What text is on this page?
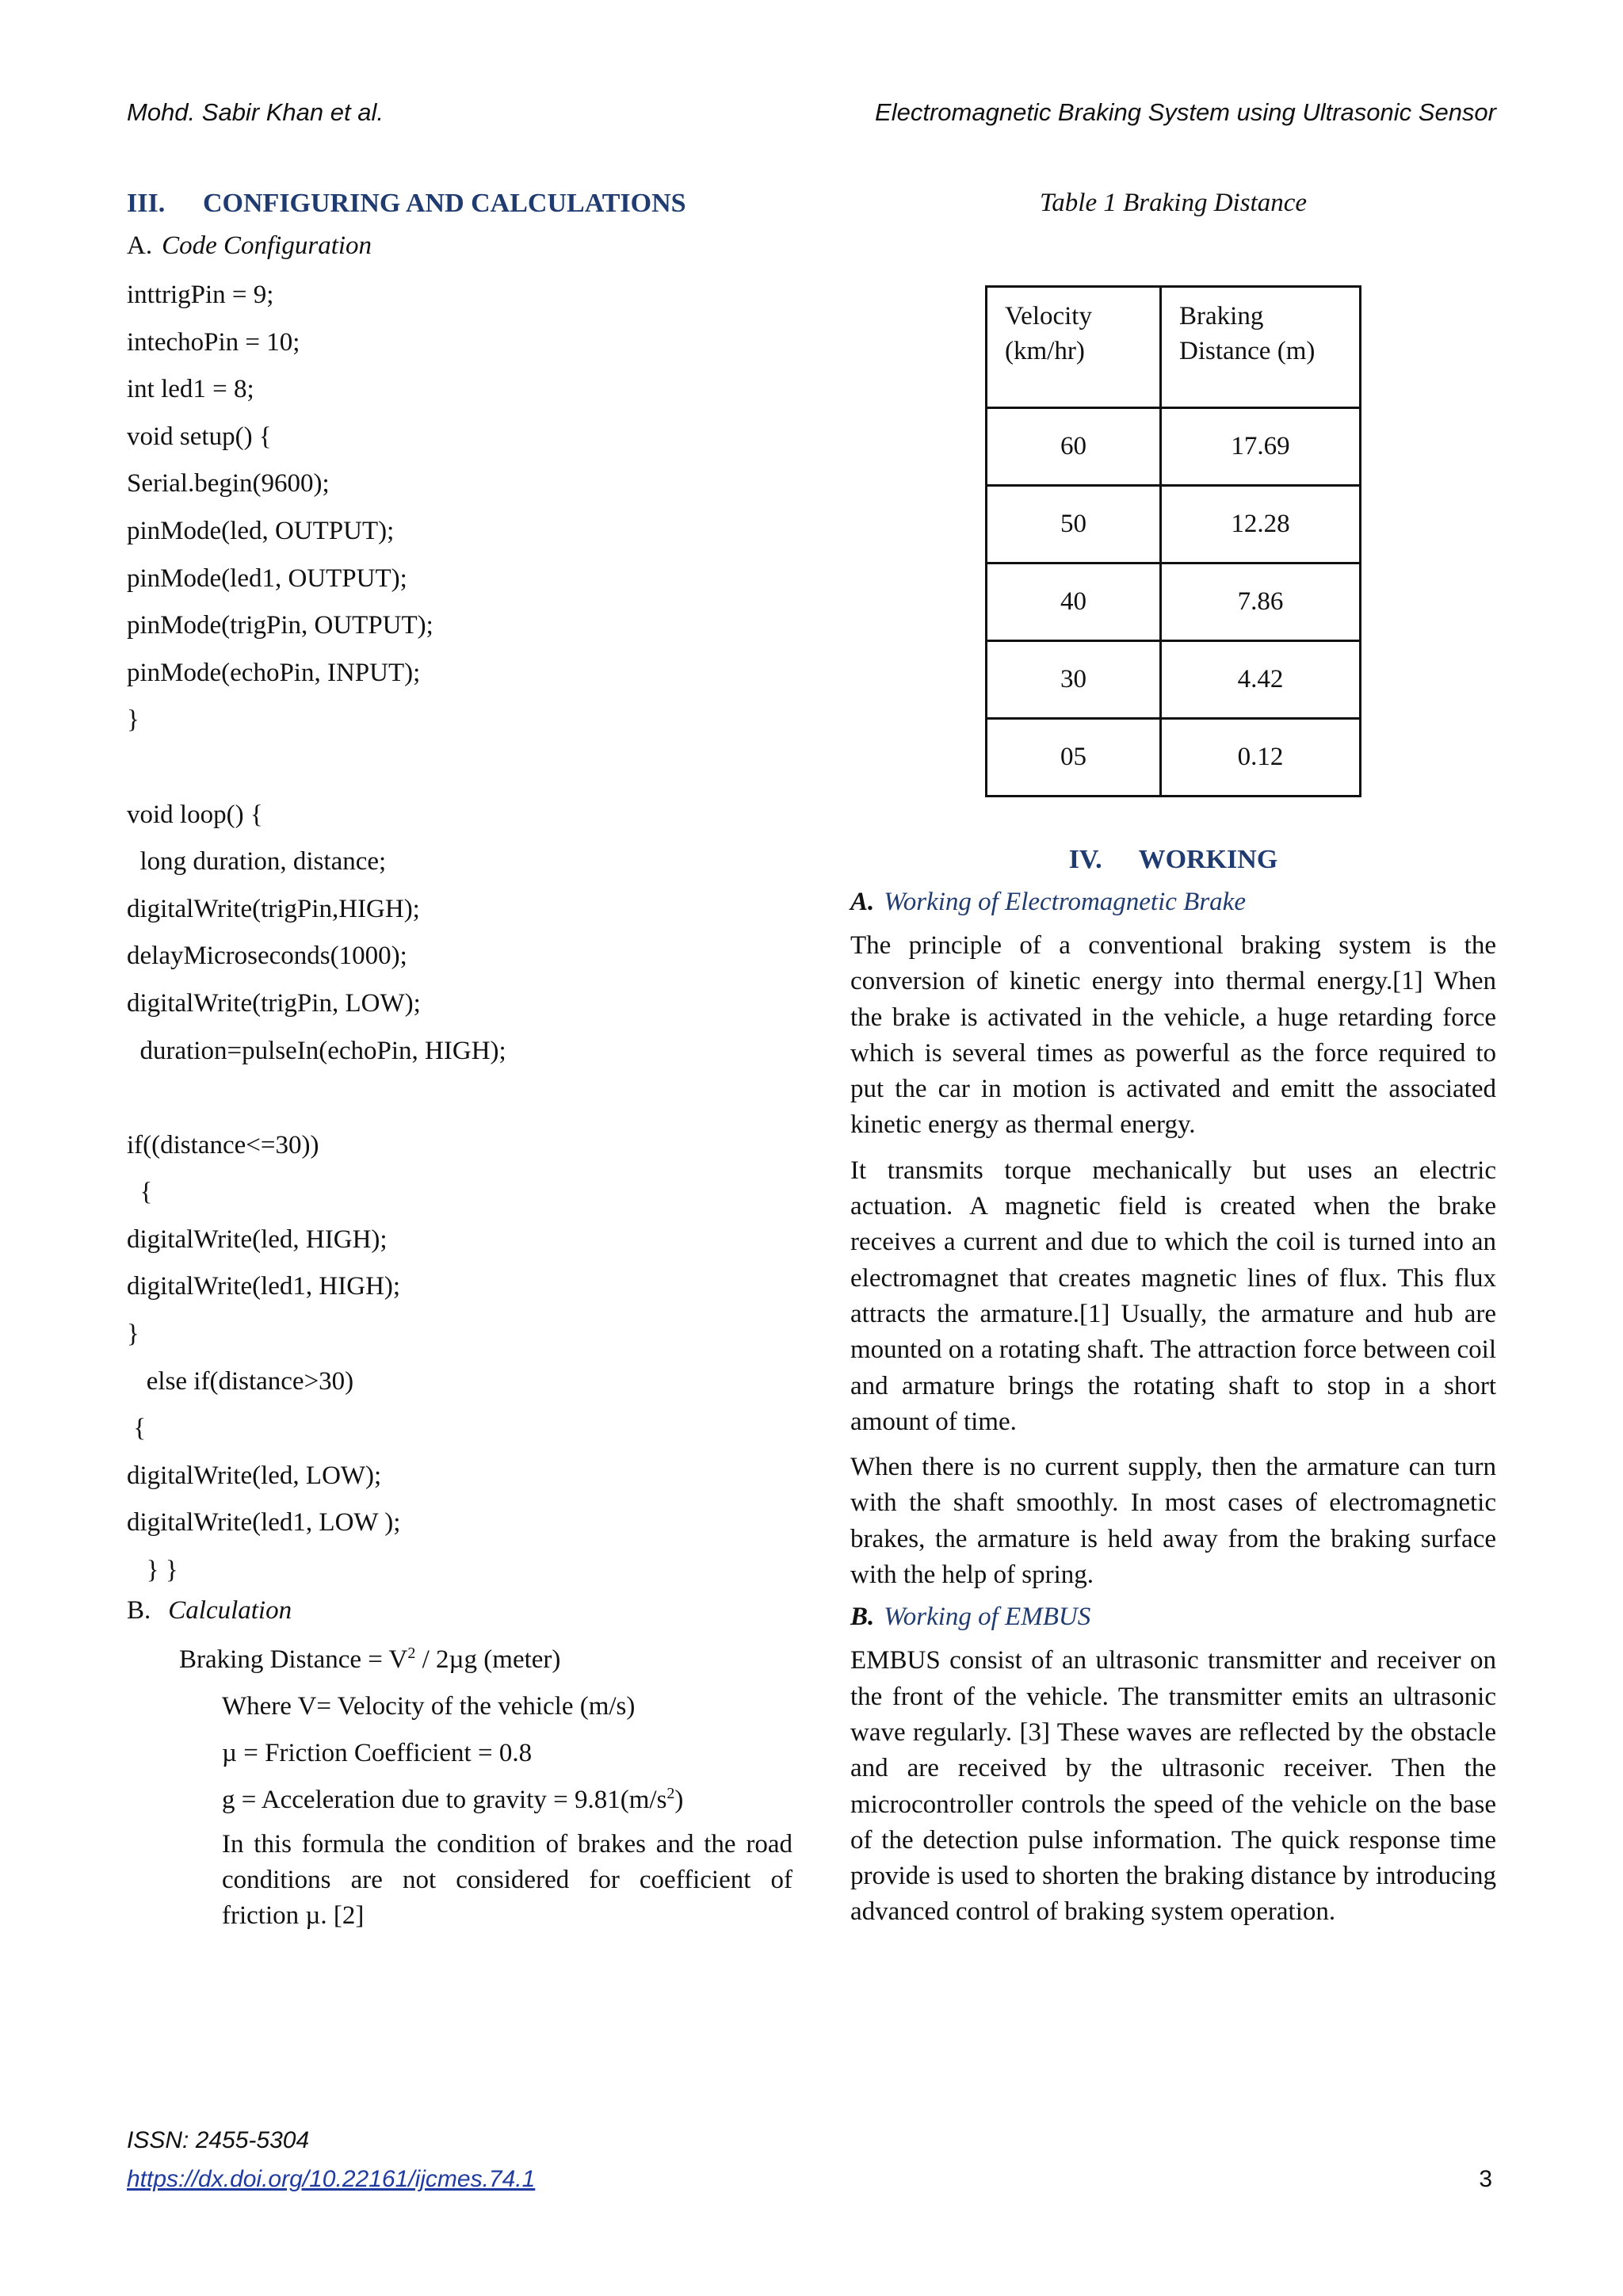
Mohd. Sabir Khan et al.	Electromagnetic Braking System using Ultrasonic Sensor
III. CONFIGURING AND CALCULATIONS
A. Code Configuration
inttrigPin = 9;
intechoPin = 10;
int led1 = 8;
void setup() {
Serial.begin(9600);
pinMode(led, OUTPUT);
pinMode(led1, OUTPUT);
pinMode(trigPin, OUTPUT);
pinMode(echoPin, INPUT);
}
void loop() {
long duration, distance;
digitalWrite(trigPin,HIGH);
delayMicroseconds(1000);
digitalWrite(trigPin, LOW);
duration=pulseIn(echoPin, HIGH);
if((distance<=30))
{
digitalWrite(led, HIGH);
digitalWrite(led1, HIGH);
}
else if(distance>30)
{
digitalWrite(led, LOW);
digitalWrite(led1, LOW );
} }
B. Calculation
Braking Distance = $V^2 / 2\mu g$ (meter)
Where V= Velocity of the vehicle (m/s)
µ = Friction Coefficient = 0.8
g = Acceleration due to gravity = $9.81(m/s^2)$
In this formula the condition of brakes and the road conditions are not considered for coefficient of friction µ. [2]
Table 1 Braking Distance
Velocity (km/hr)	Braking Distance (m)
60	17.69
50	12.28
40	7.86
30	4.42
05	0.12
IV. WORKING
A. Working of Electromagnetic Brake

The principle of a conventional braking system is the conversion of kinetic energy into thermal energy.[1] When the brake is activated in the vehicle, a huge retarding force which is several times as powerful as the force required to put the car in motion is activated and emitt the associated kinetic energy as thermal energy.

It transmits torque mechanically but uses an electric actuation. A magnetic field is created when the brake receives a current and due to which the coil is turned into an electromagnet that creates magnetic lines of flux. This flux attracts the armature.[1] Usually, the armature and hub are mounted on a rotating shaft. The attraction force between coil and armature brings the rotating shaft to stop in a short amount of time.

When there is no current supply, then the armature can turn with the shaft smoothly. In most cases of electromagnetic brakes, the armature is held away from the braking surface with the help of spring.

B. Working of EMBUS

EMBUS consist of an ultrasonic transmitter and receiver on the front of the vehicle. The transmitter emits an ultrasonic wave regularly. [3] These waves are reflected by the obstacle and are received by the ultrasonic receiver. Then the microcontroller controls the speed of the vehicle on the base of the detection pulse information. The quick response time provide is used to shorten the braking distance by introducing advanced control of braking system operation.

ISSN: 2455-5304
https://dx.doi.org/10.22161/ijcmes.74.1	3
